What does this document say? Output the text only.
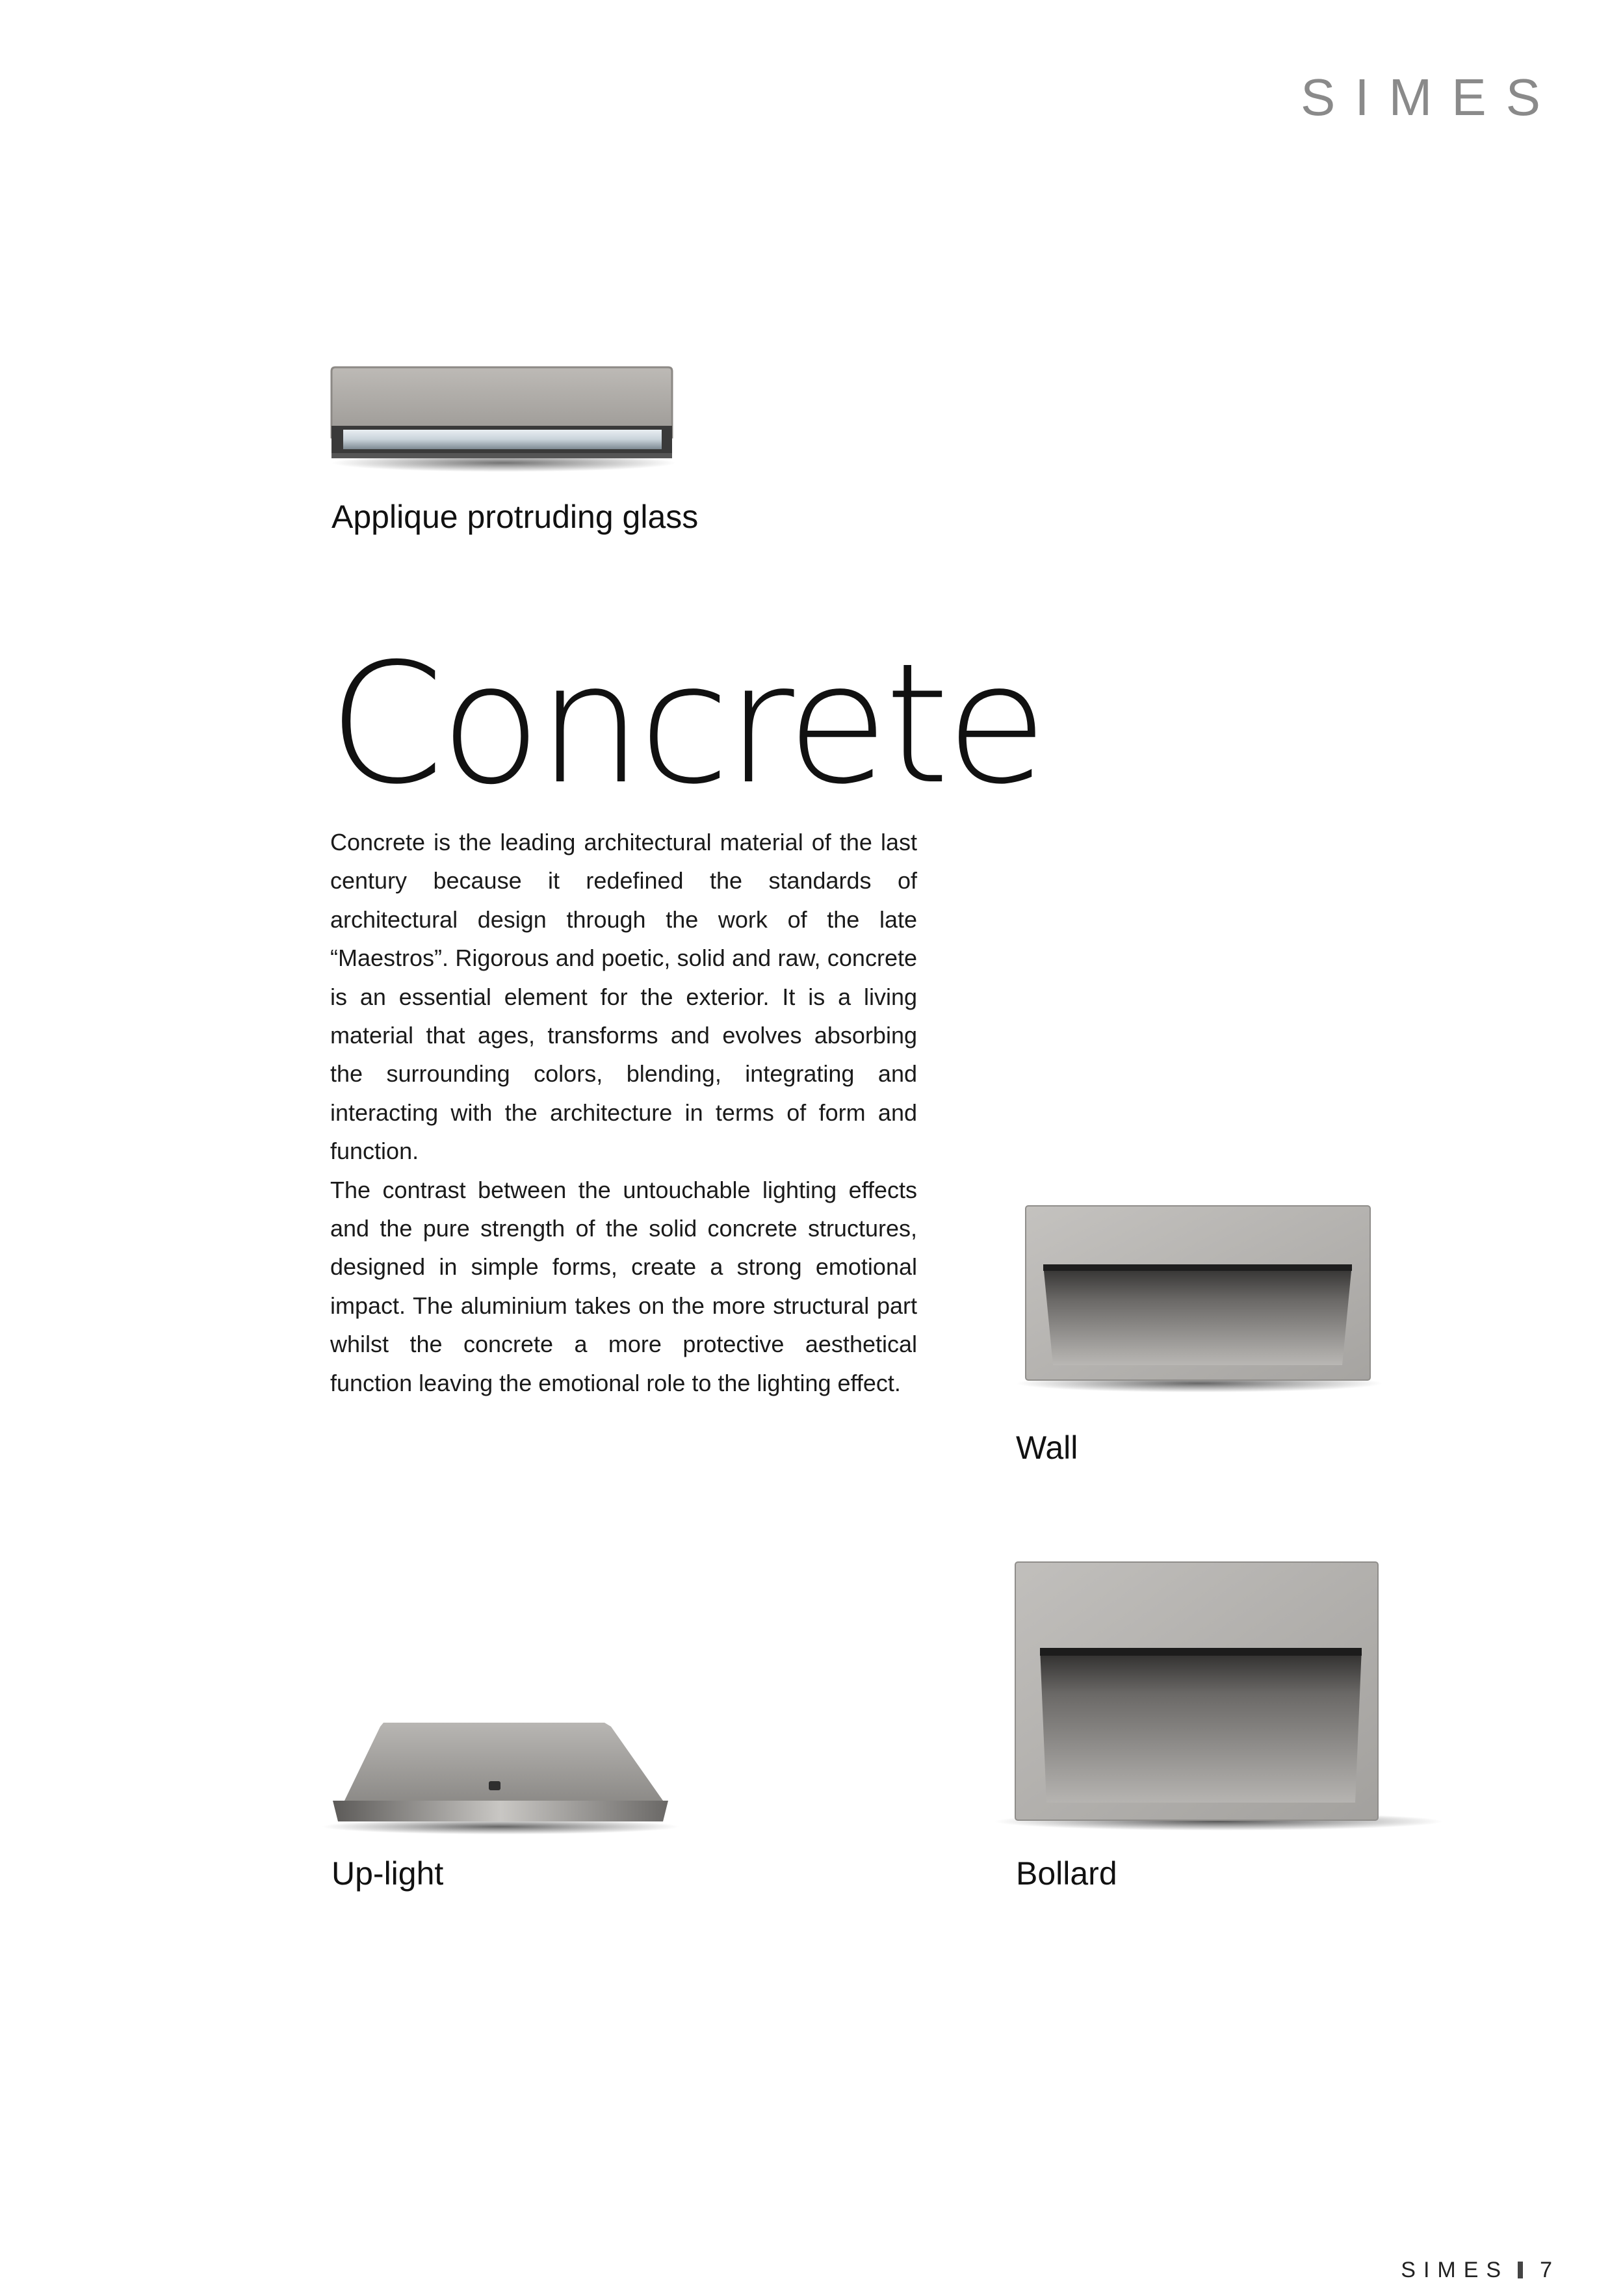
SIMES
Applique protruding glass
Concrete

Concrete is the leading architectural material of the last century because it redefined the standards of architectural design through the work of the late “Maestros”. Rigorous and poetic, solid and raw, concrete is an essential element for the exterior. It is a living material that ages, transforms and evolves absorbing the surrounding colors, blending, integrating and interacting with the architecture in terms of form and function.

The contrast between the untouchable lighting effects and the pure strength of the solid concrete structures, designed in simple forms, create a strong emotional impact. The aluminium takes on the more structural part whilst the concrete a more protective aesthetical function leaving the emotional role to the lighting effect.

Wall
Bollard
Up-light
SIMES 7
